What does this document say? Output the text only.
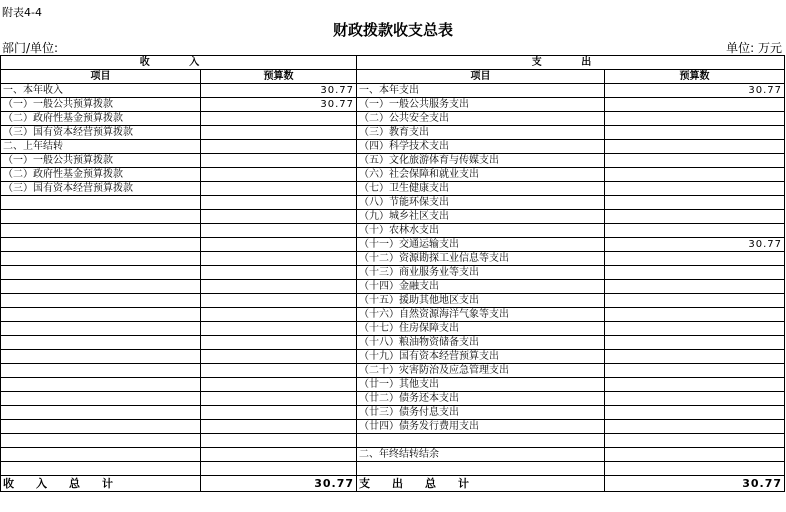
附表4-4
财政拨款收支总表
部门/单位:	单位: 万元
收 入		支 出	
项目	预算数	项目	预算数
一、本年收入	30.77	一、本年支出	30.77
（一）一般公共预算拨款	30.77	（一）一般公共服务支出	
（二）政府性基金预算拨款		（二）公共安全支出	
（三）国有资本经营预算拨款		（三）教育支出	
二、上年结转		（四）科学技术支出	
（一）一般公共预算拨款		（五）文化旅游体育与传媒支出	
（二）政府性基金预算拨款		（六）社会保障和就业支出	
（三）国有资本经营预算拨款		（七）卫生健康支出	
		（八）节能环保支出	
		（九）城乡社区支出	
		（十）农林水支出	
		（十一）交通运输支出	30.77
		（十二）资源勘探工业信息等支出	
		（十三）商业服务业等支出	
		（十四）金融支出	
		（十五）援助其他地区支出	
		（十六）自然资源海洋气象等支出	
		（十七）住房保障支出	
		（十八）粮油物资储备支出	
		（十九）国有资本经营预算支出	
		（二十）灾害防治及应急管理支出	
		（廿一）其他支出	
		（廿二）债务还本支出	
		（廿三）债务付息支出	
		（廿四）债务发行费用支出	

		二、年终结转结余	

收入总计	30.77	支出总计	30.77
